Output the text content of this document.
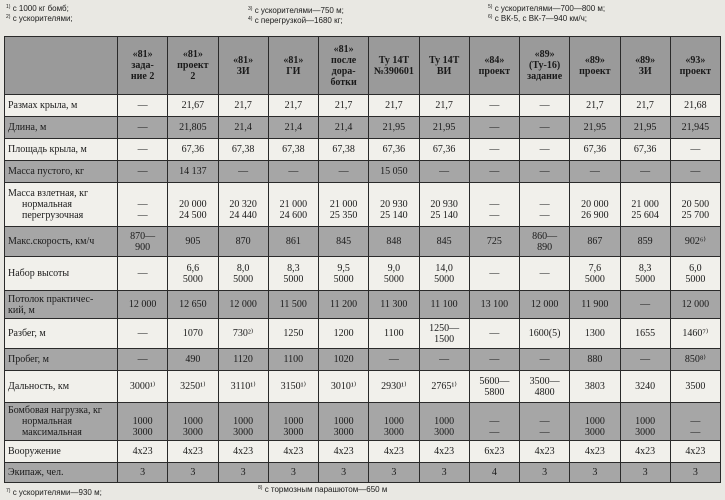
$^{1)}$ с 1000 кг бомб;
$^{2)}$ с ускорителями;
$^{3)}$ с ускорителями—750 м;
$^{4)}$ с перегрузкой—1680 кг;
$^{5)}$ с ускорителями—700—800 м;
$^{6)}$ с ВК-5, с ВК-7—940 км/ч;

	«81»
зада-
ние 2	«81»
проект
2	«81»
ЗИ	«81»
ГИ	«81»
после
дора-
ботки	Ту 14Т
№390601	Ту 14Т
ВИ	«84»
проект	«89»
(Ту-16)
задание	«89»
проект	«89»
ЗИ	«93»
проект

Размах крыла, м	—	21,67	21,7	21,7	21,7	21,7	21,7	—	—	21,7	21,7	21,68

Длина, м	—	21,805	21,4	21,4	21,4	21,95	21,95	—	—	21,95	21,95	21,945

Площадь крыла, м	—	67,36	67,38	67,38	67,38	67,36	67,36	—	—	67,36	67,36	—

Масса пустого, кг	—	14 137	—	—	—	15 050	—	—	—	—	—	—

Масса взлетная, кг
нормальная
перегрузочная	—
—	20 000
24 500	20 320
24 440	21 000
24 600	21 000
25 350	20 930
25 140	20 930
25 140	—
—	—
—	20 000
26 900	21 000
25 604	20 500
25 700

Макс.скорость, км/ч	870—
900	905	870	861	845	848	845	725	860—
890	867	859	902⁶⁾

Набор высоты	—	6,6
5000	8,0
5000	8,3
5000	9,5
5000	9,0
5000	14,0
5000	—	—	7,6
5000	8,3
5000	6,0
5000

Потолок практичес-
кий, м	12 000	12 650	12 000	11 500	11 200	11 300	11 100	13 100	12 000	11 900	—	12 000

Разбег, м	—	1070	730²⁾	1250	1200	1100	1250—
1500	—	1600(5)	1300	1655	1460⁷⁾

Пробег, м	—	490	1120	1100	1020	—	—	—	—	880	—	850⁸⁾

Дальность, км	3000¹⁾	3250¹⁾	3110¹⁾	3150¹⁾	3010¹⁾	2930¹⁾	2765¹⁾	5600—
5800	3500—
4800	3803	3240	3500

Бомбовая нагрузка, кг
нормальная
максимальная	1000
3000	1000
3000	1000
3000	1000
3000	1000
3000	1000
3000	1000
3000	—
—	—
—	1000
3000	1000
3000	—
—

Вооружение	4x23	4x23	4x23	4x23	4x23	4x23	4x23	6x23	4x23	4x23	4x23	4x23

Экипаж, чел.	3	3	3	3	3	3	3	4	3	3	3	3
$^{7)}$ с ускорителями—930 м;	$^{8)}$ с тормозным парашютом—650 м
